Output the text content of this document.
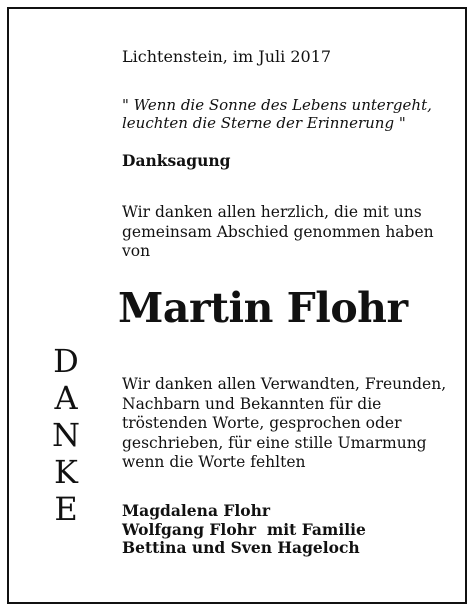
Lichtenstein, im Juli 2017

" Wenn die Sonne des Lebens untergeht,
leuchten die Sterne der Erinnerung "
Danksagung
Wir danken allen herzlich, die mit uns
gemeinsam Abschied genommen haben
von
Martin Flohr
D
A
N
K
E
Wir danken allen Verwandten, Freunden,
Nachbarn und Bekannten für die
tröstenden Worte, gesprochen oder
geschrieben, für eine stille Umarmung
wenn die Worte fehlten
Magdalena Flohr
Wolfgang Flohr  mit Familie
Bettina und Sven Hageloch
